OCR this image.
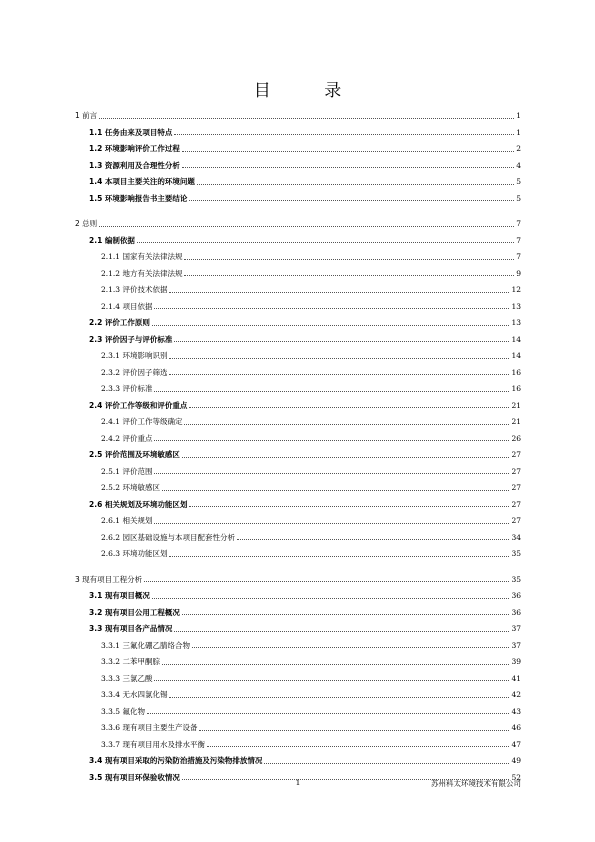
目 录
1 前言	1
1.1 任务由来及项目特点	1
1.2 环境影响评价工作过程	2
1.3 资源利用及合理性分析	4
1.4 本项目主要关注的环境问题	5
1.5 环境影响报告书主要结论	5
2 总则	7
2.1 编制依据	7
2.1.1 国家有关法律法规	7
2.1.2 地方有关法律法规	9
2.1.3 评价技术依据	12
2.1.4 项目依据	13
2.2 评价工作原则	13
2.3 评价因子与评价标准	14
2.3.1 环境影响识别	14
2.3.2 评价因子筛选	16
2.3.3 评价标准	16
2.4 评价工作等级和评价重点	21
2.4.1 评价工作等级确定	21
2.4.2 评价重点	26
2.5 评价范围及环境敏感区	27
2.5.1 评价范围	27
2.5.2 环境敏感区	27
2.6 相关规划及环境功能区划	27
2.6.1 相关规划	27
2.6.2 园区基础设施与本项目配套性分析	34
2.6.3 环境功能区划	35
3 现有项目工程分析	35
3.1 现有项目概况	36
3.2 现有项目公用工程概况	36
3.3 现有项目各产品情况	37
3.3.1 三氟化硼乙腈络合物	37
3.3.2 二苯甲酮腙	39
3.3.3 三氯乙酸	41
3.3.4 无水四氯化锡	42
3.3.5 氟化物	43
3.3.6 现有项目主要生产设备	46
3.3.7 现有项目用水及排水平衡	47
3.4 现有项目采取的污染防治措施及污染物排放情况	49
3.5 现有项目环保验收情况	52
1	苏州科太环境技术有限公司
